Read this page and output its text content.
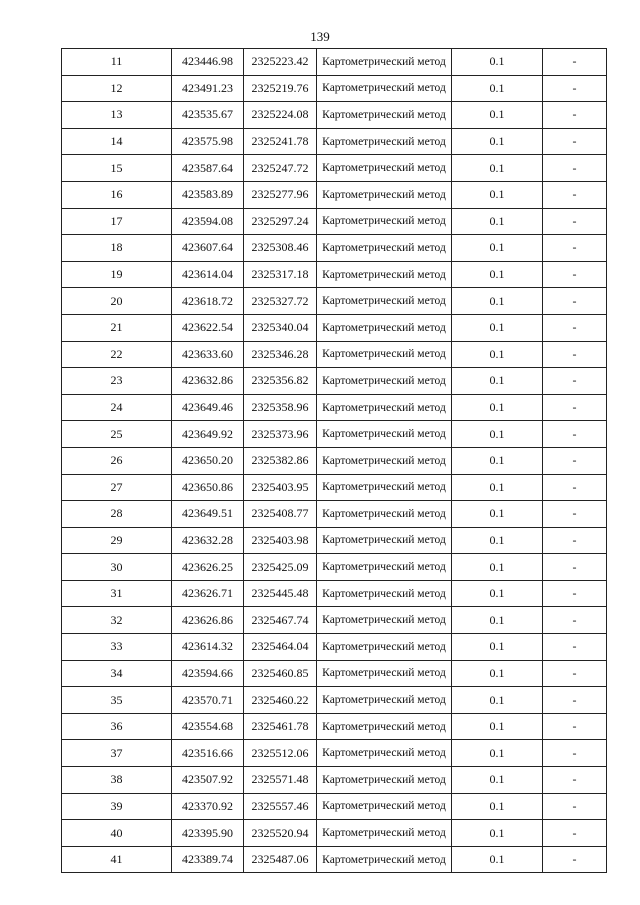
139
11	423446.98	2325223.42	Картометрический метод	0.1	-
12	423491.23	2325219.76	Картометрический метод	0.1	-
13	423535.67	2325224.08	Картометрический метод	0.1	-
14	423575.98	2325241.78	Картометрический метод	0.1	-
15	423587.64	2325247.72	Картометрический метод	0.1	-
16	423583.89	2325277.96	Картометрический метод	0.1	-
17	423594.08	2325297.24	Картометрический метод	0.1	-
18	423607.64	2325308.46	Картометрический метод	0.1	-
19	423614.04	2325317.18	Картометрический метод	0.1	-
20	423618.72	2325327.72	Картометрический метод	0.1	-
21	423622.54	2325340.04	Картометрический метод	0.1	-
22	423633.60	2325346.28	Картометрический метод	0.1	-
23	423632.86	2325356.82	Картометрический метод	0.1	-
24	423649.46	2325358.96	Картометрический метод	0.1	-
25	423649.92	2325373.96	Картометрический метод	0.1	-
26	423650.20	2325382.86	Картометрический метод	0.1	-
27	423650.86	2325403.95	Картометрический метод	0.1	-
28	423649.51	2325408.77	Картометрический метод	0.1	-
29	423632.28	2325403.98	Картометрический метод	0.1	-
30	423626.25	2325425.09	Картометрический метод	0.1	-
31	423626.71	2325445.48	Картометрический метод	0.1	-
32	423626.86	2325467.74	Картометрический метод	0.1	-
33	423614.32	2325464.04	Картометрический метод	0.1	-
34	423594.66	2325460.85	Картометрический метод	0.1	-
35	423570.71	2325460.22	Картометрический метод	0.1	-
36	423554.68	2325461.78	Картометрический метод	0.1	-
37	423516.66	2325512.06	Картометрический метод	0.1	-
38	423507.92	2325571.48	Картометрический метод	0.1	-
39	423370.92	2325557.46	Картометрический метод	0.1	-
40	423395.90	2325520.94	Картометрический метод	0.1	-
41	423389.74	2325487.06	Картометрический метод	0.1	-
